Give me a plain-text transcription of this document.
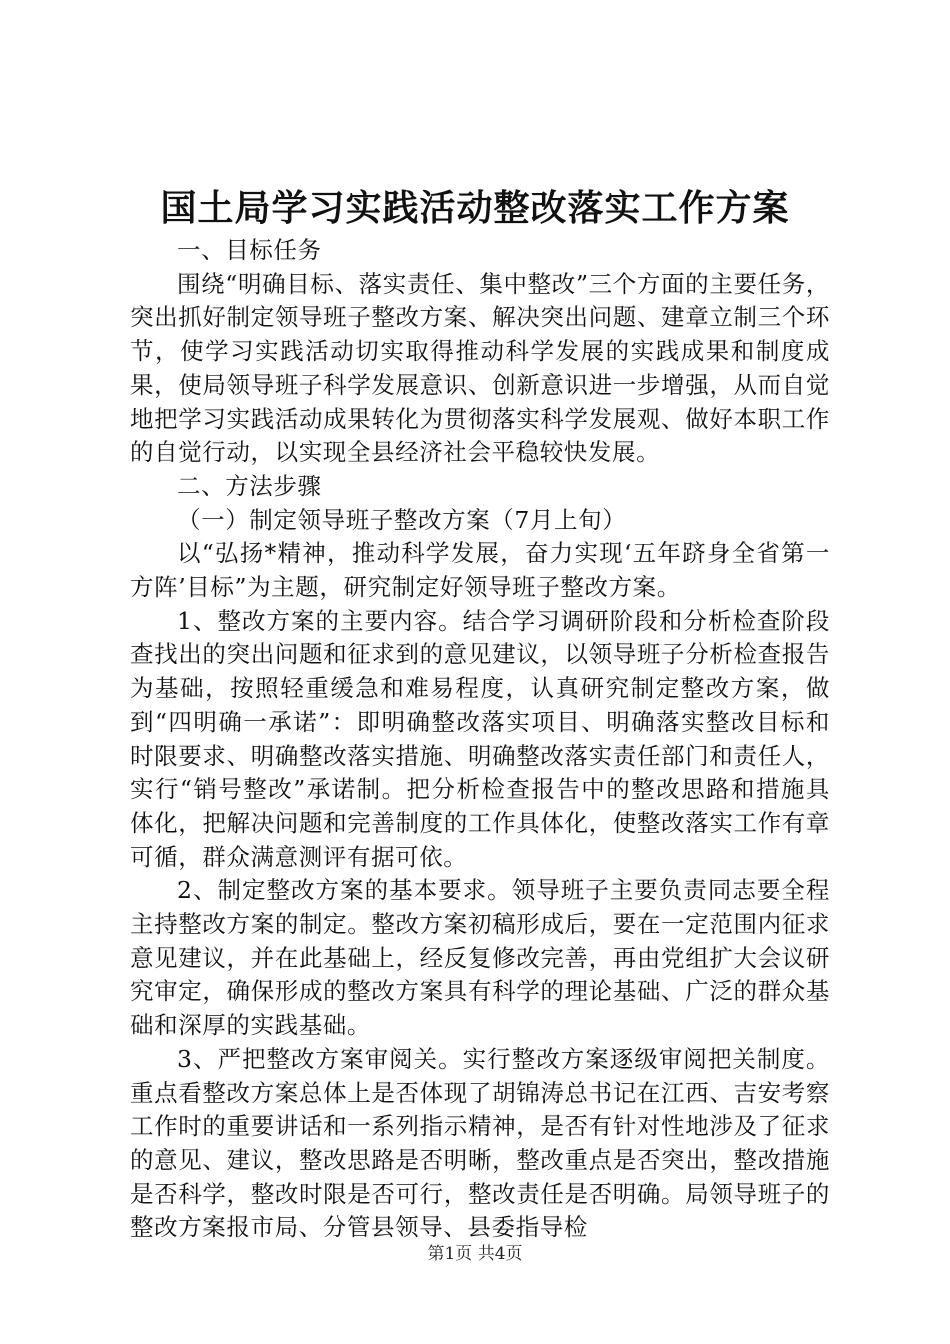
国土局学习实践活动整改落实工作方案

一、目标任务

围绕“明确目标、落实责任、集中整改”三个方面的主要任务，突出抓好制定领导班子整改方案、解决突出问题、建章立制三个环节，使学习实践活动切实取得推动科学发展的实践成果和制度成果，使局领导班子科学发展意识、创新意识进一步增强，从而自觉地把学习实践活动成果转化为贯彻落实科学发展观、做好本职工作的自觉行动，以实现全县经济社会平稳较快发展。

二、方法步骤

（一）制定领导班子整改方案（7月上旬）

以“弘扬*精神，推动科学发展，奋力实现‘五年跻身全省第一方阵’目标”为主题，研究制定好领导班子整改方案。

1、整改方案的主要内容。结合学习调研阶段和分析检查阶段查找出的突出问题和征求到的意见建议，以领导班子分析检查报告为基础，按照轻重缓急和难易程度，认真研究制定整改方案，做到“四明确一承诺”：即明确整改落实项目、明确落实整改目标和时限要求、明确整改落实措施、明确整改落实责任部门和责任人，实行“销号整改”承诺制。把分析检查报告中的整改思路和措施具体化，把解决问题和完善制度的工作具体化，使整改落实工作有章可循，群众满意测评有据可依。

2、制定整改方案的基本要求。领导班子主要负责同志要全程主持整改方案的制定。整改方案初稿形成后，要在一定范围内征求意见建议，并在此基础上，经反复修改完善，再由党组扩大会议研究审定，确保形成的整改方案具有科学的理论基础、广泛的群众基础和深厚的实践基础。

3、严把整改方案审阅关。实行整改方案逐级审阅把关制度。重点看整改方案总体上是否体现了胡锦涛总书记在江西、吉安考察工作时的重要讲话和一系列指示精神，是否有针对性地涉及了征求的意见、建议，整改思路是否明晰，整改重点是否突出，整改措施是否科学，整改时限是否可行，整改责任是否明确。局领导班子的整改方案报市局、分管县领导、县委指导检

第1页 共4页
